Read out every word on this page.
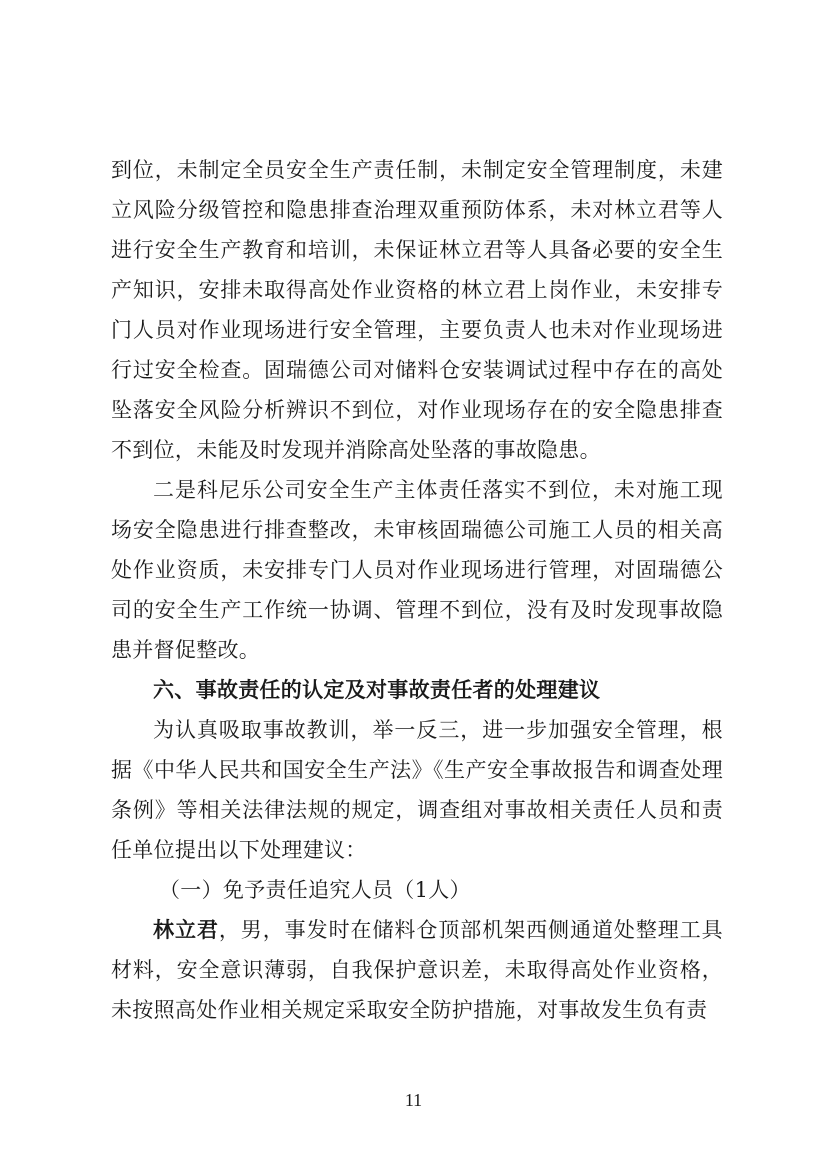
到位，未制定全员安全生产责任制，未制定安全管理制度，未建立风险分级管控和隐患排查治理双重预防体系，未对林立君等人进行安全生产教育和培训，未保证林立君等人具备必要的安全生产知识，安排未取得高处作业资格的林立君上岗作业，未安排专门人员对作业现场进行安全管理，主要负责人也未对作业现场进行过安全检查。固瑞德公司对储料仓安装调试过程中存在的高处坠落安全风险分析辨识不到位，对作业现场存在的安全隐患排查不到位，未能及时发现并消除高处坠落的事故隐患。

二是科尼乐公司安全生产主体责任落实不到位，未对施工现场安全隐患进行排查整改，未审核固瑞德公司施工人员的相关高处作业资质，未安排专门人员对作业现场进行管理，对固瑞德公司的安全生产工作统一协调、管理不到位，没有及时发现事故隐患并督促整改。

六、事故责任的认定及对事故责任者的处理建议

为认真吸取事故教训，举一反三，进一步加强安全管理，根据《中华人民共和国安全生产法》《生产安全事故报告和调查处理条例》等相关法律法规的规定，调查组对事故相关责任人员和责任单位提出以下处理建议：

（一）免予责任追究人员（1人）

林立君，男，事发时在储料仓顶部机架西侧通道处整理工具材料，安全意识薄弱，自我保护意识差，未取得高处作业资格，未按照高处作业相关规定采取安全防护措施，对事故发生负有责

11
